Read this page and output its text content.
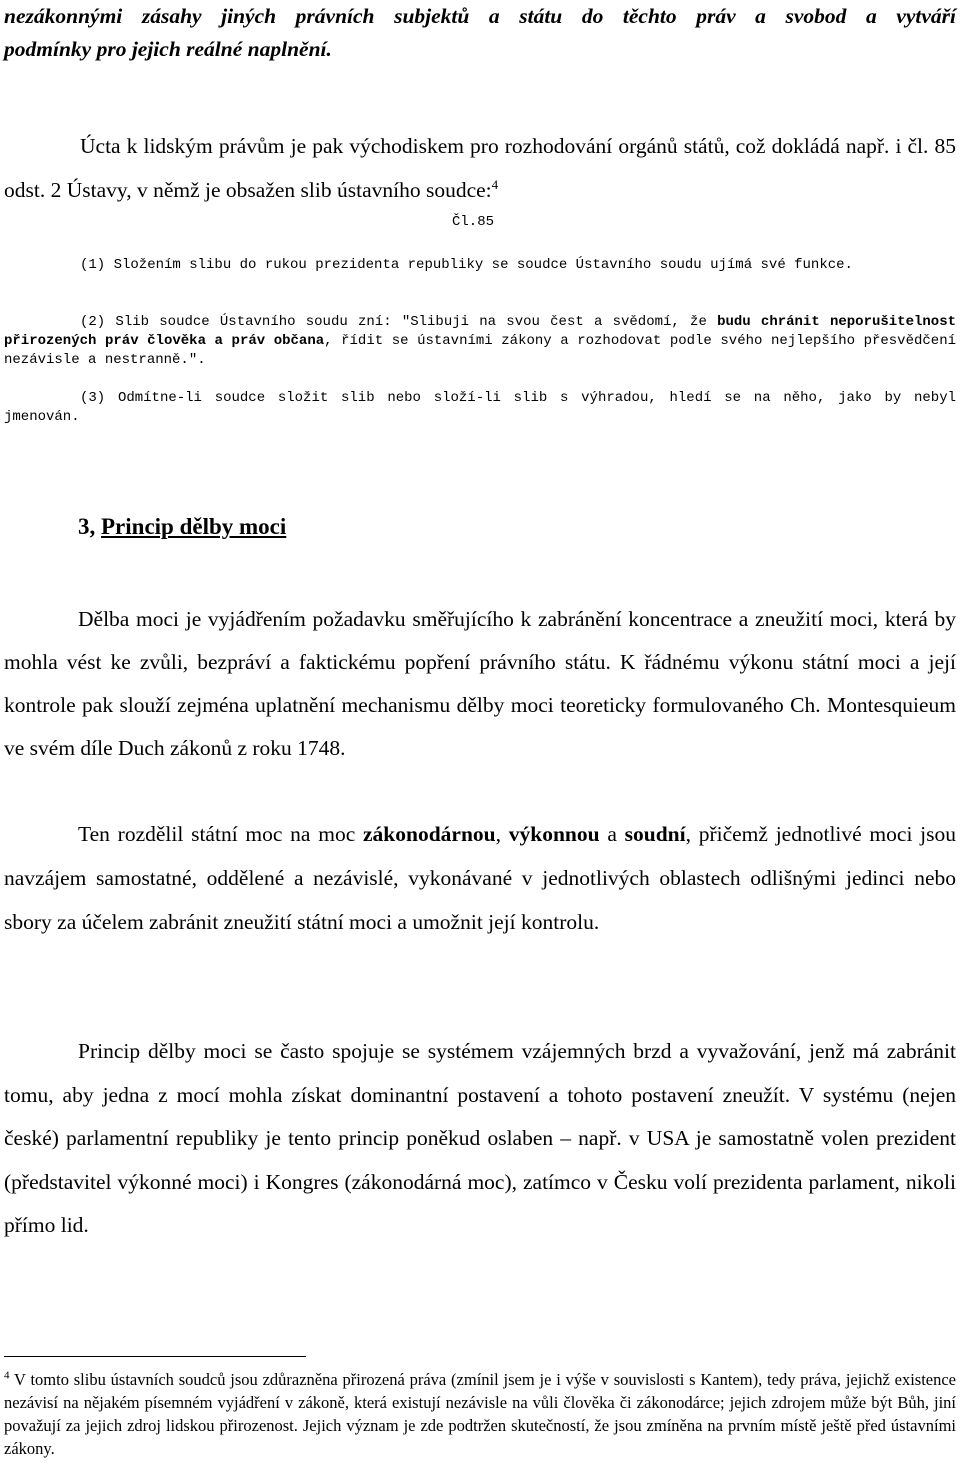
nezákonnými zásahy jiných právních subjektů a státu do těchto práv a svobod a vytváří

podmínky pro jejich reálné naplnění.

Úcta k lidským právům je pak východiskem pro rozhodování orgánů států, což dokládá např. i čl. 85 odst. 2 Ústavy, v němž je obsažen slib ústavního soudce:$^4$
Čl.85
(1) Složením slibu do rukou prezidenta republiky se soudce Ústavního soudu ujímá své funkce.
(2) Slib soudce Ústavního soudu zní: "Slibuji na svou čest a svědomí, že budu chránit neporušitelnost přirozených práv člověka a práv občana, řídit se ústavními zákony a rozhodovat podle svého nejlepšího přesvědčení nezávisle a nestranně.".
(3) Odmítne-li soudce složit slib nebo složí-li slib s výhradou, hledí se na něho, jako by nebyl jmenován.
3, Princip dělby moci
Dělba moci je vyjádřením požadavku směřujícího k zabránění koncentrace a zneužití moci, která by mohla vést ke zvůli, bezpráví a faktickému popření právního státu. K řádnému výkonu státní moci a její kontrole pak slouží zejména uplatnění mechanismu dělby moci teoreticky formulovaného Ch. Montesquieum ve svém díle Duch zákonů z roku 1748.
Ten rozdělil státní moc na moc zákonodárnou, výkonnou a soudní, přičemž jednotlivé moci jsou navzájem samostatné, oddělené a nezávislé, vykonávané v jednotlivých oblastech odlišnými jedinci nebo sbory za účelem zabránit zneužití státní moci a umožnit její kontrolu.
Princip dělby moci se často spojuje se systémem vzájemných brzd a vyvažování, jenž má zabránit tomu, aby jedna z mocí mohla získat dominantní postavení a tohoto postavení zneužít. V systému (nejen české) parlamentní republiky je tento princip poněkud oslaben – např. v USA je samostatně volen prezident (představitel výkonné moci) i Kongres (zákonodárná moc), zatímco v Česku volí prezidenta parlament, nikoli přímo lid.
$^4$ V tomto slibu ústavních soudců jsou zdůrazněna přirozená práva (zmínil jsem je i výše v souvislosti s Kantem), tedy práva, jejichž existence nezávisí na nějakém písemném vyjádření v zákoně, která existují nezávisle na vůli člověka či zákonodárce; jejich zdrojem může být Bůh, jiní považují za jejich zdroj lidskou přirozenost. Jejich význam je zde podtržen skutečností, že jsou zmíněna na prvním místě ještě před ústavními zákony.
